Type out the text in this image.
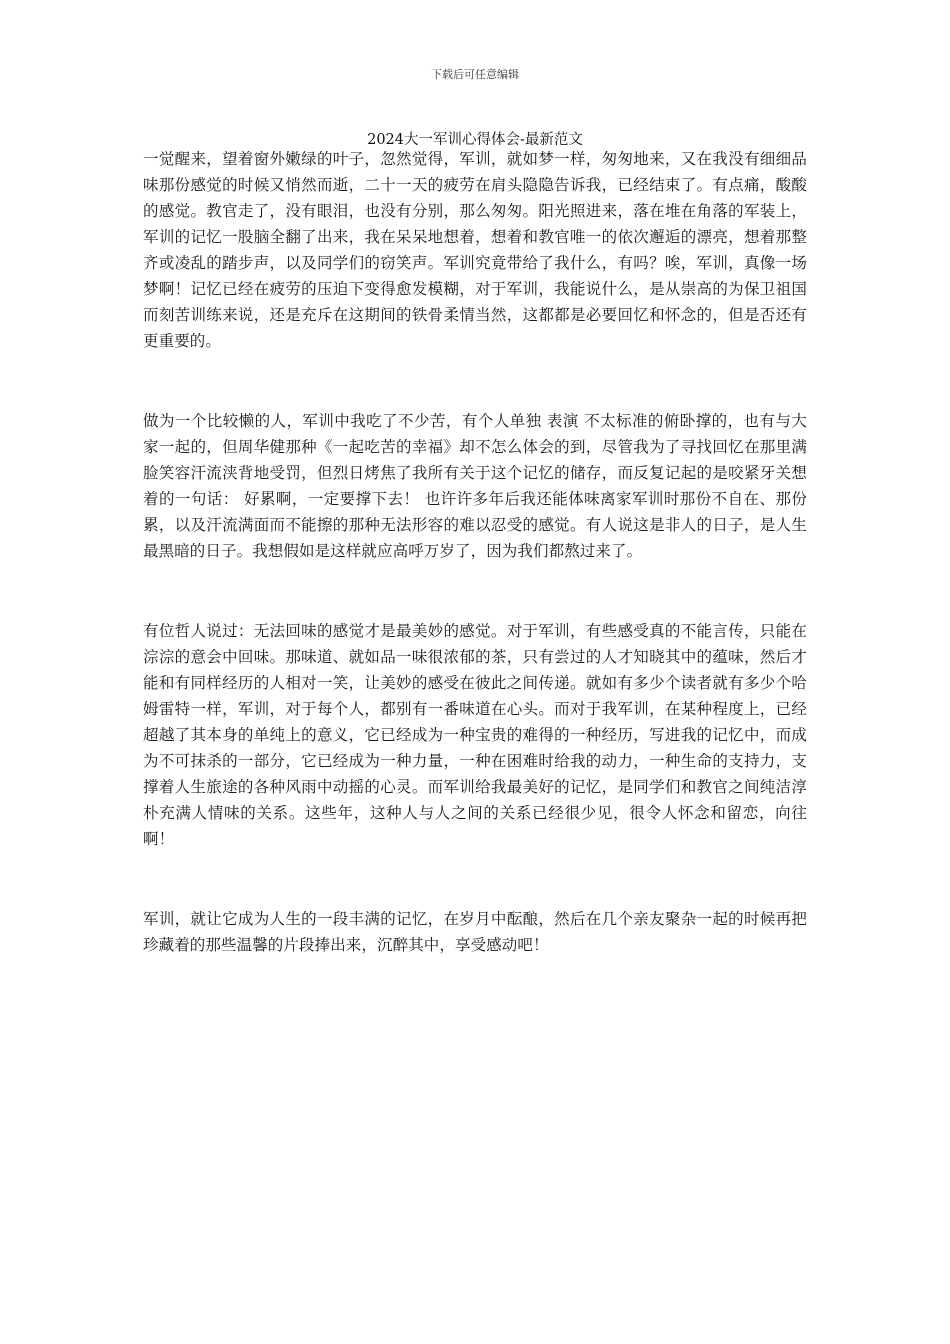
下载后可任意编辑
2024大一军训心得体会-最新范文

一觉醒来，望着窗外嫩绿的叶子，忽然觉得，军训，就如梦一样，匆匆地来，又在我没有细细品味那份感觉的时候又悄然而逝，二十一天的疲劳在肩头隐隐告诉我，已经结束了。有点痛，酸酸的感觉。教官走了，没有眼泪，也没有分别，那么匆匆。阳光照进来，落在堆在角落的军装上，军训的记忆一股脑全翻了出来，我在呆呆地想着，想着和教官唯一的依次邂逅的漂亮，想着那整齐或凌乱的踏步声，以及同学们的窃笑声。军训究竟带给了我什么，有吗？唉，军训，真像一场梦啊！记忆已经在疲劳的压迫下变得愈发模糊，对于军训，我能说什么，是从崇高的为保卫祖国而刻苦训练来说，还是充斥在这期间的铁骨柔情当然，这都都是必要回忆和怀念的，但是否还有更重要的。

做为一个比较懒的人，军训中我吃了不少苦，有个人单独 表演 不太标准的俯卧撑的，也有与大家一起的，但周华健那种《一起吃苦的幸福》却不怎么体会的到，尽管我为了寻找回忆在那里满脸笑容汗流浃背地受罚，但烈日烤焦了我所有关于这个记忆的储存，而反复记起的是咬紧牙关想着的一句话： 好累啊，一定要撑下去！ 也许许多年后我还能体味离家军训时那份不自在、那份累，以及汗流满面而不能擦的那种无法形容的难以忍受的感觉。有人说这是非人的日子，是人生最黑暗的日子。我想假如是这样就应高呼万岁了，因为我们都熬过来了。

有位哲人说过：无法回味的感觉才是最美妙的感觉。对于军训，有些感受真的不能言传，只能在淙淙的意会中回味。那味道、就如品一味很浓郁的茶，只有尝过的人才知晓其中的蕴味，然后才能和有同样经历的人相对一笑，让美妙的感受在彼此之间传递。就如有多少个读者就有多少个哈姆雷特一样，军训，对于每个人，都别有一番味道在心头。而对于我军训，在某种程度上，已经超越了其本身的单纯上的意义，它已经成为一种宝贵的难得的一种经历，写进我的记忆中，而成为不可抹杀的一部分，它已经成为一种力量，一种在困难时给我的动力，一种生命的支持力，支撑着人生旅途的各种风雨中动摇的心灵。而军训给我最美好的记忆，是同学们和教官之间纯洁淳朴充满人情味的关系。这些年，这种人与人之间的关系已经很少见，很令人怀念和留恋，向往啊！

军训，就让它成为人生的一段丰满的记忆，在岁月中酝酿，然后在几个亲友聚杂一起的时候再把珍藏着的那些温馨的片段捧出来，沉醉其中，享受感动吧！
